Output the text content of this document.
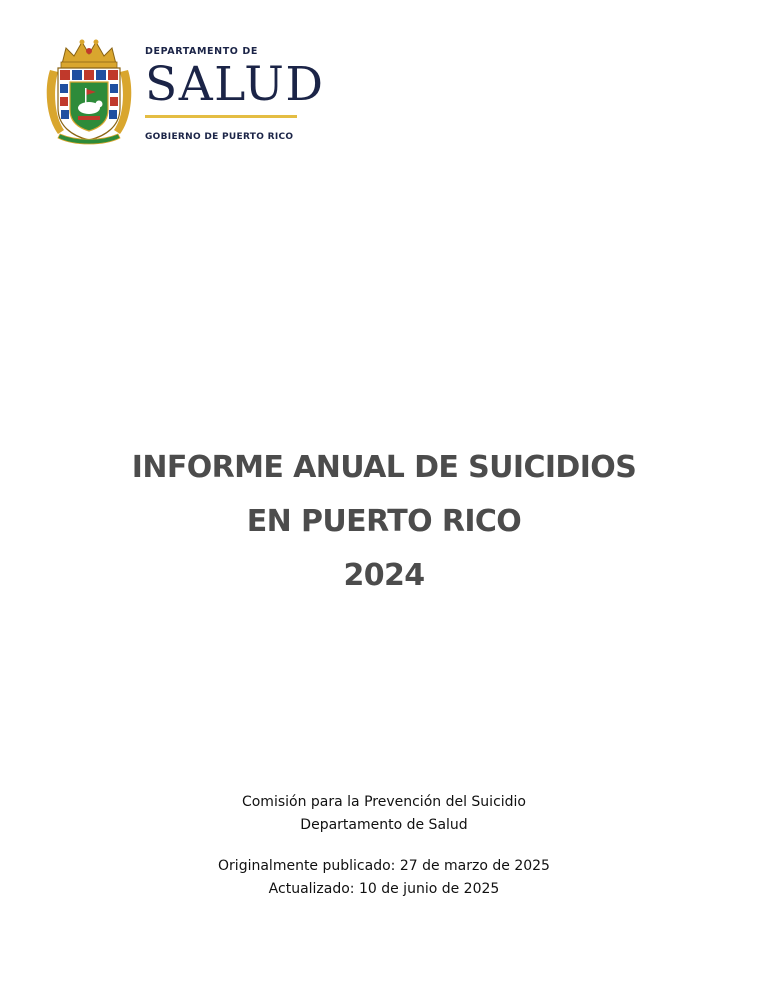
DEPARTAMENTO DE
SALUD
GOBIERNO DE PUERTO RICO
INFORME ANUAL DE SUICIDIOS
EN PUERTO RICO
2024
Comisión para la Prevención del Suicidio
Departamento de Salud
Originalmente publicado: 27 de marzo de 2025
Actualizado: 10 de junio de 2025
